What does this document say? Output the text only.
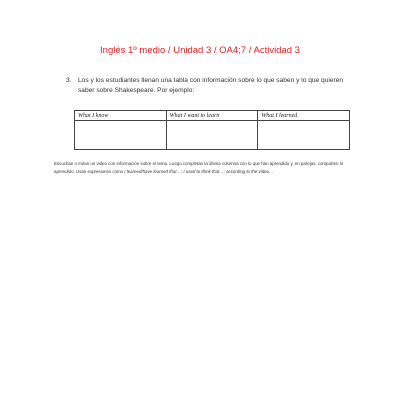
Inglés 1º medio / Unidad 3 / OA4;7 / Actividad 3
3. Los y los estudiantes llenan una tabla con información sobre lo que saben y lo que quieren saber sobre Shakespeare. Por ejemplo:
What I know	What I want to learn	What I learned

Escuchan o miran un video con información sobre el tema. Luego completan la última columna con lo que han aprendido y, en parejas, comparten lo aprendido. Usan expresiones como I learned/have learned that…; I used to think that…; according to the video…
